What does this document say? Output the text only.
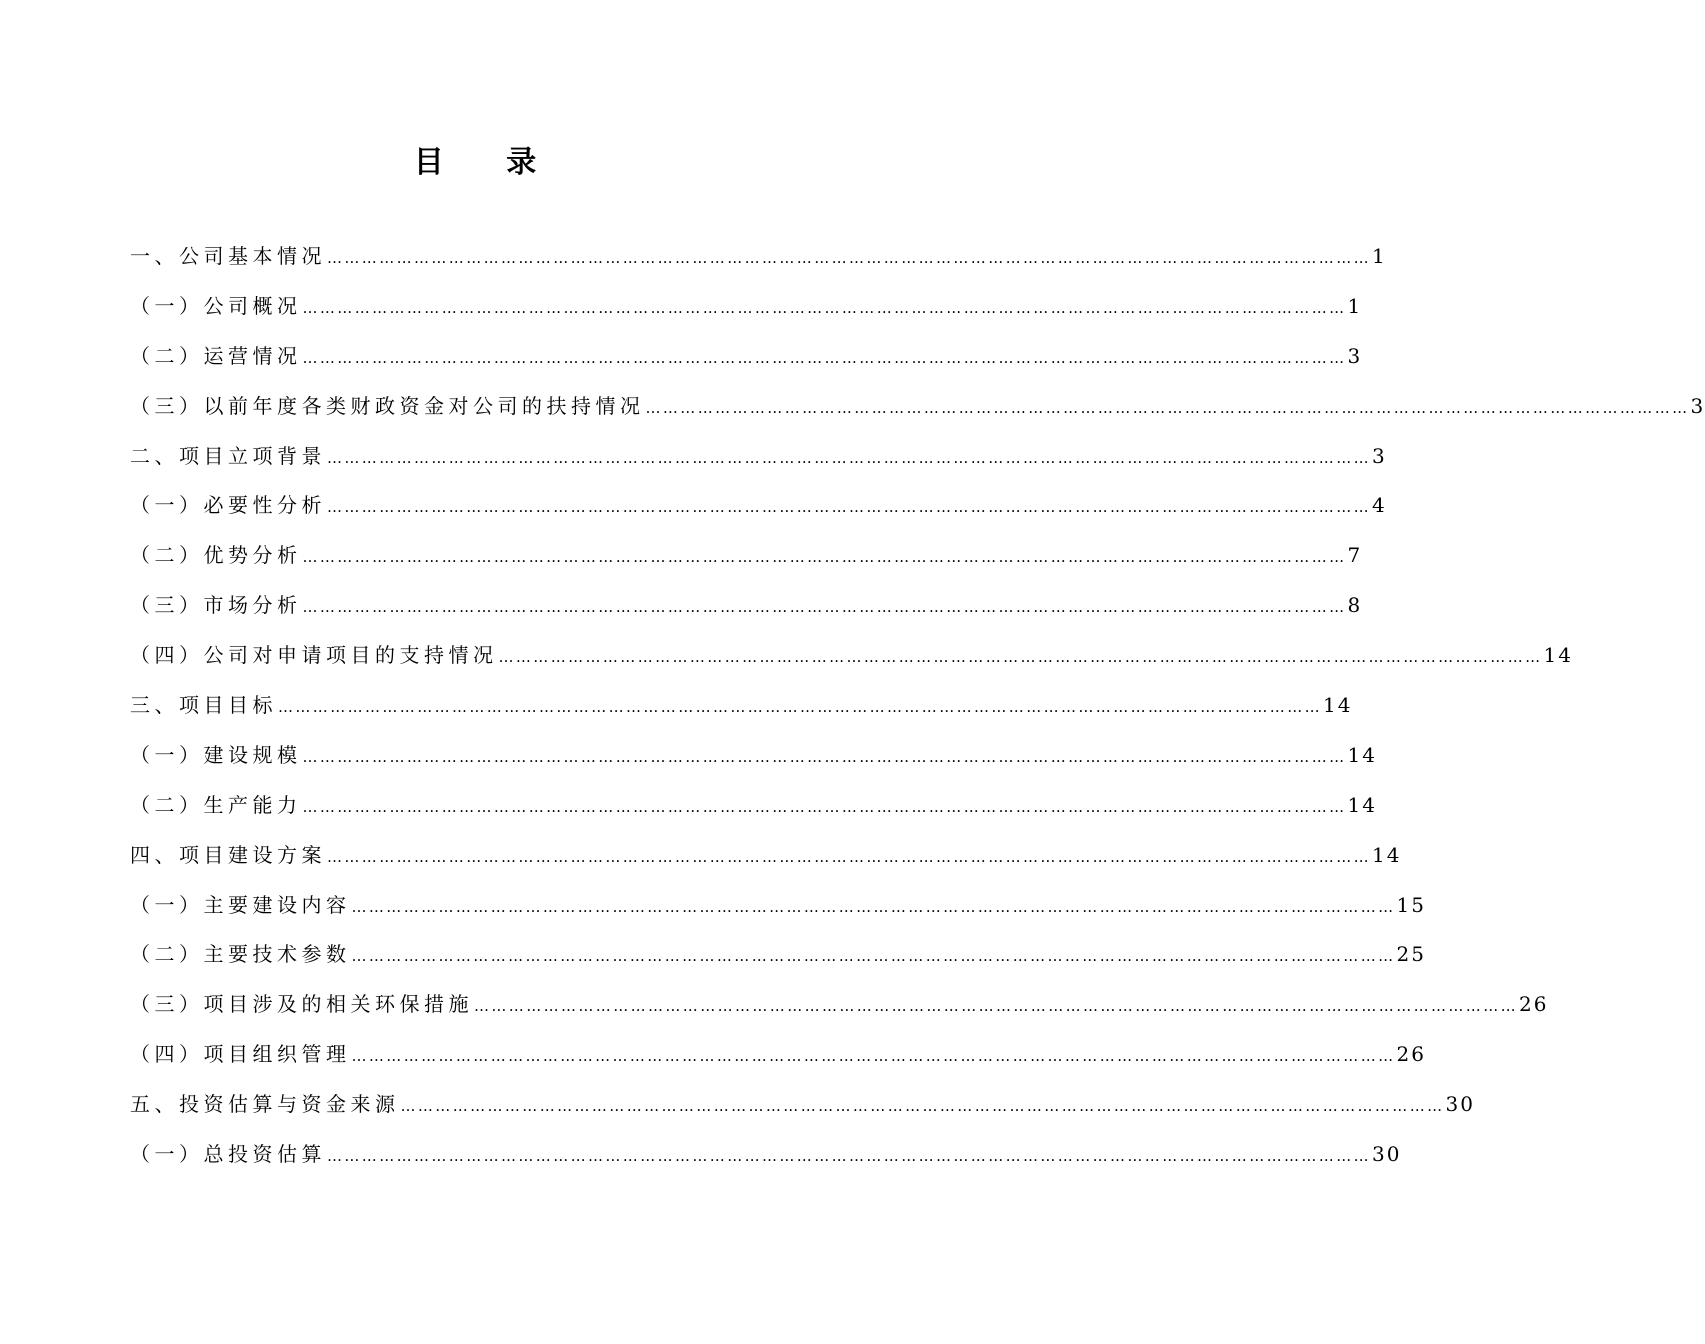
目 录
一、公司基本情况 ……………………………………………………………………………………………………………………………………………………………… 1
（一）公司概况 ……………………………………………………………………………………………………………………………………………………………… 1
（二）运营情况 ……………………………………………………………………………………………………………………………………………………………… 3
（三）以前年度各类财政资金对公司的扶持情况 ……………………………………………………………………………………………………………………………………………………………… 3
二、项目立项背景 ……………………………………………………………………………………………………………………………………………………………… 3
（一）必要性分析 ……………………………………………………………………………………………………………………………………………………………… 4
（二）优势分析 ……………………………………………………………………………………………………………………………………………………………… 7
（三）市场分析 ……………………………………………………………………………………………………………………………………………………………… 8
（四）公司对申请项目的支持情况 ……………………………………………………………………………………………………………………………………………………………… 14
三、项目目标 ……………………………………………………………………………………………………………………………………………………………… 14
（一）建设规模 ……………………………………………………………………………………………………………………………………………………………… 14
（二）生产能力 ……………………………………………………………………………………………………………………………………………………………… 14
四、项目建设方案 ……………………………………………………………………………………………………………………………………………………………… 14
（一）主要建设内容 ……………………………………………………………………………………………………………………………………………………………… 15
（二）主要技术参数 ……………………………………………………………………………………………………………………………………………………………… 25
（三）项目涉及的相关环保措施 ……………………………………………………………………………………………………………………………………………………………… 26
（四）项目组织管理 ……………………………………………………………………………………………………………………………………………………………… 26
五、投资估算与资金来源 ……………………………………………………………………………………………………………………………………………………………… 30
（一）总投资估算 ……………………………………………………………………………………………………………………………………………………………… 30
